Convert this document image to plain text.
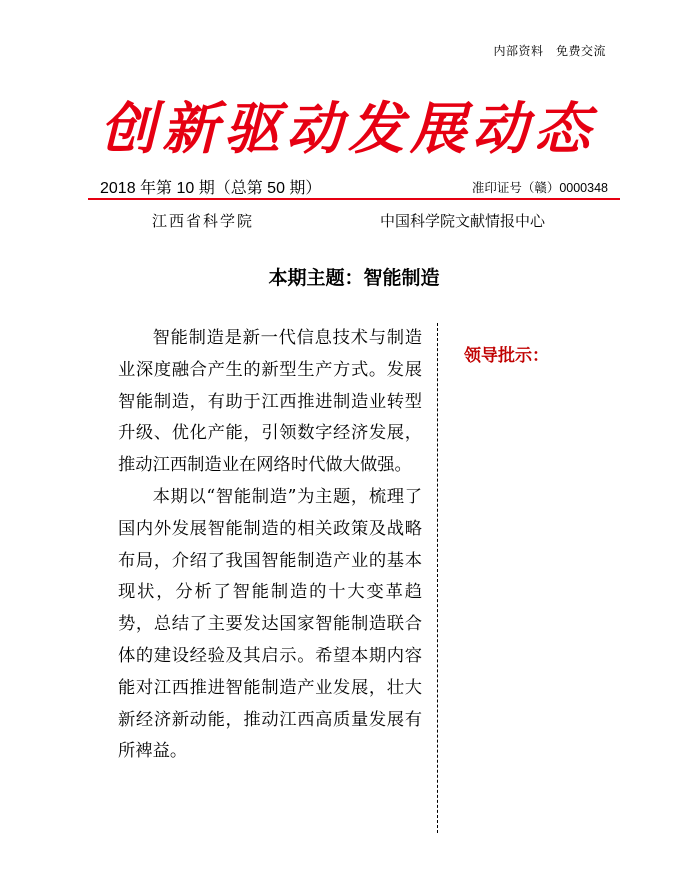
内部资料　免费交流
创新驱动发展动态
2018 年第 10 期（总第 50 期）	准印证号（赣）0000348
江西省科学院	中国科学院文献情报中心
本期主题：智能制造

智能制造是新一代信息技术与制造业深度融合产生的新型生产方式。发展智能制造，有助于江西推进制造业转型升级、优化产能，引领数字经济发展，推动江西制造业在网络时代做大做强。

本期以“智能制造”为主题，梳理了国内外发展智能制造的相关政策及战略布局，介绍了我国智能制造产业的基本现状，分析了智能制造的十大变革趋势，总结了主要发达国家智能制造联合体的建设经验及其启示。希望本期内容能对江西推进智能制造产业发展，壮大新经济新动能，推动江西高质量发展有所裨益。

领导批示：
